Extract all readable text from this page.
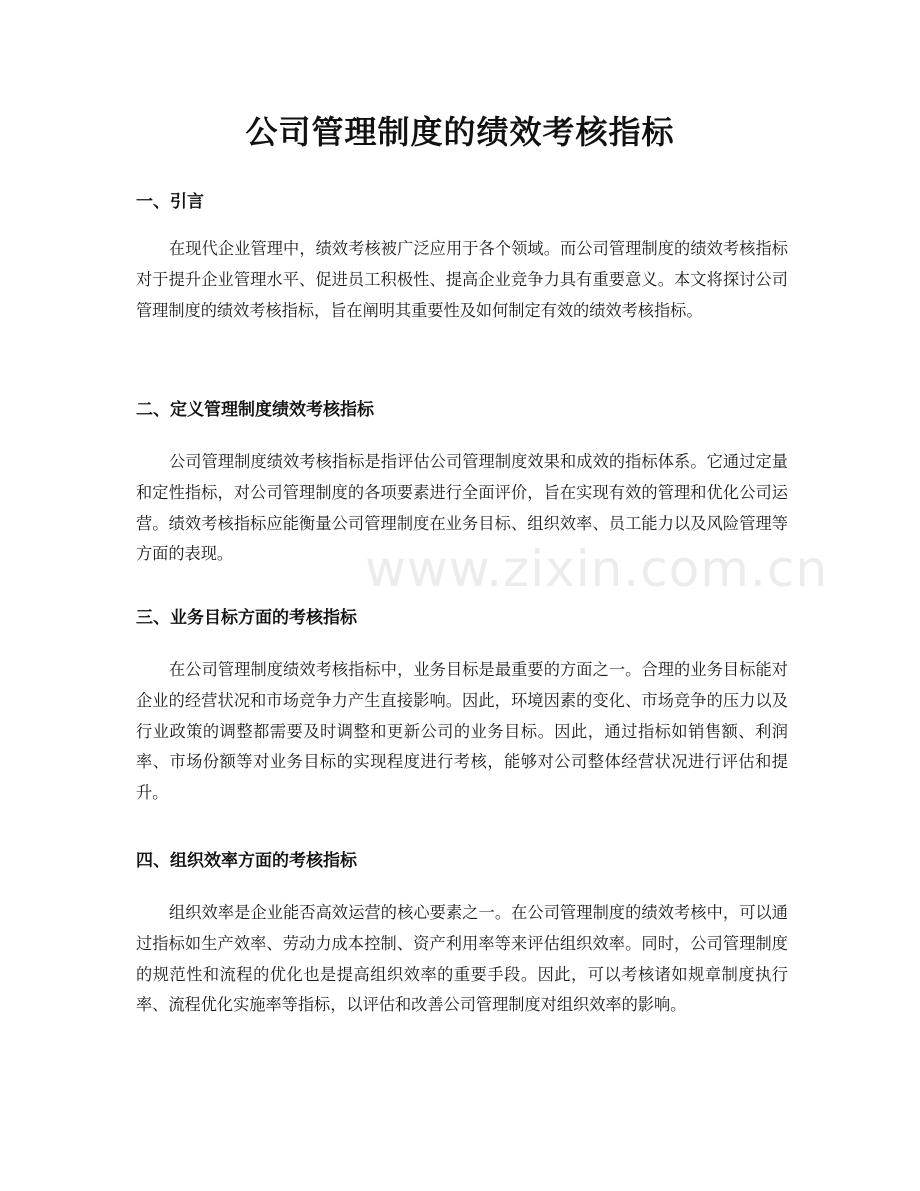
公司管理制度的绩效考核指标
一、引言

在现代企业管理中，绩效考核被广泛应用于各个领域。而公司管理制度的绩效考核指标对于提升企业管理水平、促进员工积极性、提高企业竞争力具有重要意义。本文将探讨公司管理制度的绩效考核指标，旨在阐明其重要性及如何制定有效的绩效考核指标。

二、定义管理制度绩效考核指标

公司管理制度绩效考核指标是指评估公司管理制度效果和成效的指标体系。它通过定量和定性指标，对公司管理制度的各项要素进行全面评价，旨在实现有效的管理和优化公司运营。绩效考核指标应能衡量公司管理制度在业务目标、组织效率、员工能力以及风险管理等方面的表现。

三、业务目标方面的考核指标

在公司管理制度绩效考核指标中，业务目标是最重要的方面之一。合理的业务目标能对企业的经营状况和市场竞争力产生直接影响。因此，环境因素的变化、市场竞争的压力以及行业政策的调整都需要及时调整和更新公司的业务目标。因此，通过指标如销售额、利润率、市场份额等对业务目标的实现程度进行考核，能够对公司整体经营状况进行评估和提升。

四、组织效率方面的考核指标

组织效率是企业能否高效运营的核心要素之一。在公司管理制度的绩效考核中，可以通过指标如生产效率、劳动力成本控制、资产利用率等来评估组织效率。同时，公司管理制度的规范性和流程的优化也是提高组织效率的重要手段。因此，可以考核诸如规章制度执行率、流程优化实施率等指标，以评估和改善公司管理制度对组织效率的影响。

www.zixin.com.cn
